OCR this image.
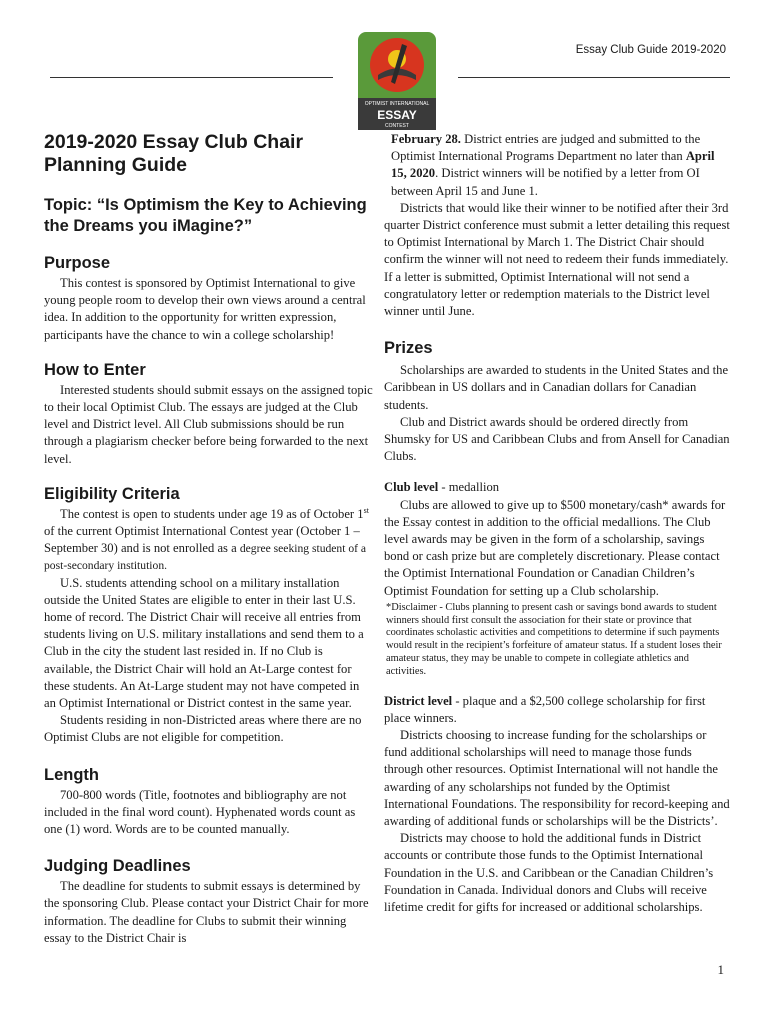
Essay Club Guide 2019-2020
OPTIMIST INTERNATIONAL
ESSAY
CONTEST
2019-2020 Essay Club Chair Planning Guide
Topic: “Is Optimism the Key to Achieving the Dreams you iMagine?”
Purpose

This contest is sponsored by Optimist International to give young people room to develop their own views around a central idea. In addition to the opportunity for written expression, participants have the chance to win a college scholarship!

How to Enter

Interested students should submit essays on the assigned topic to their local Optimist Club. The essays are judged at the Club level and District level. All Club submissions should be run through a plagiarism checker before being forwarded to the next level.

Eligibility Criteria

The contest is open to students under age 19 as of October 1st of the current Optimist International Contest year (October 1 – September 30) and is not enrolled as a degree seeking student of a post-secondary institution.

U.S. students attending school on a military installation outside the United States are eligible to enter in their last U.S. home of record. The District Chair will receive all entries from students living on U.S. military installations and send them to a Club in the city the student last resided in. If no Club is available, the District Chair will hold an At-Large contest for these students. An At-Large student may not have competed in an Optimist International or District contest in the same year.

Students residing in non-Districted areas where there are no Optimist Clubs are not eligible for competition.

Length

700-800 words (Title, footnotes and bibliography are not included in the final word count). Hyphenated words count as one (1) word. Words are to be counted manually.

Judging Deadlines

The deadline for students to submit essays is determined by the sponsoring Club. Please contact your District Chair for more information. The deadline for Clubs to submit their winning essay to the District Chair is

February 28. District entries are judged and submitted to the Optimist International Programs Department no later than April 15, 2020. District winners will be notified by a letter from OI between April 15 and June 1.

Districts that would like their winner to be notified after their 3rd quarter District conference must submit a letter detailing this request to Optimist International by March 1. The District Chair should confirm the winner will not need to redeem their funds immediately. If a letter is submitted, Optimist International will not send a congratulatory letter or redemption materials to the District level winner until June.

Prizes

Scholarships are awarded to students in the United States and the Caribbean in US dollars and in Canadian dollars for Canadian students.

Club and District awards should be ordered directly from Shumsky for US and Caribbean Clubs and from Ansell for Canadian Clubs.

Club level - medallion

Clubs are allowed to give up to $500 monetary/cash* awards for the Essay contest in addition to the official medallions. The Club level awards may be given in the form of a scholarship, savings bond or cash prize but are completely discretionary. Please contact the Optimist International Foundation or Canadian Children’s Optimist Foundation for setting up a Club scholarship.

*Disclaimer - Clubs planning to present cash or savings bond awards to student winners should first consult the association for their state or province that coordinates scholastic activities and competitions to determine if such payments would result in the recipient’s forfeiture of amateur status. If a student loses their amateur status, they may be unable to compete in collegiate athletics and activities.

District level - plaque and a $2,500 college scholarship for first place winners.

Districts choosing to increase funding for the scholarships or fund additional scholarships will need to manage those funds through other resources. Optimist International will not handle the awarding of any scholarships not funded by the Optimist International Foundations. The responsibility for record-keeping and awarding of additional funds or scholarships will be the Districts’.

Districts may choose to hold the additional funds in District accounts or contribute those funds to the Optimist International Foundation in the U.S. and Caribbean or the Canadian Children’s Foundation in Canada. Individual donors and Clubs will receive lifetime credit for gifts for increased or additional scholarships.

1
